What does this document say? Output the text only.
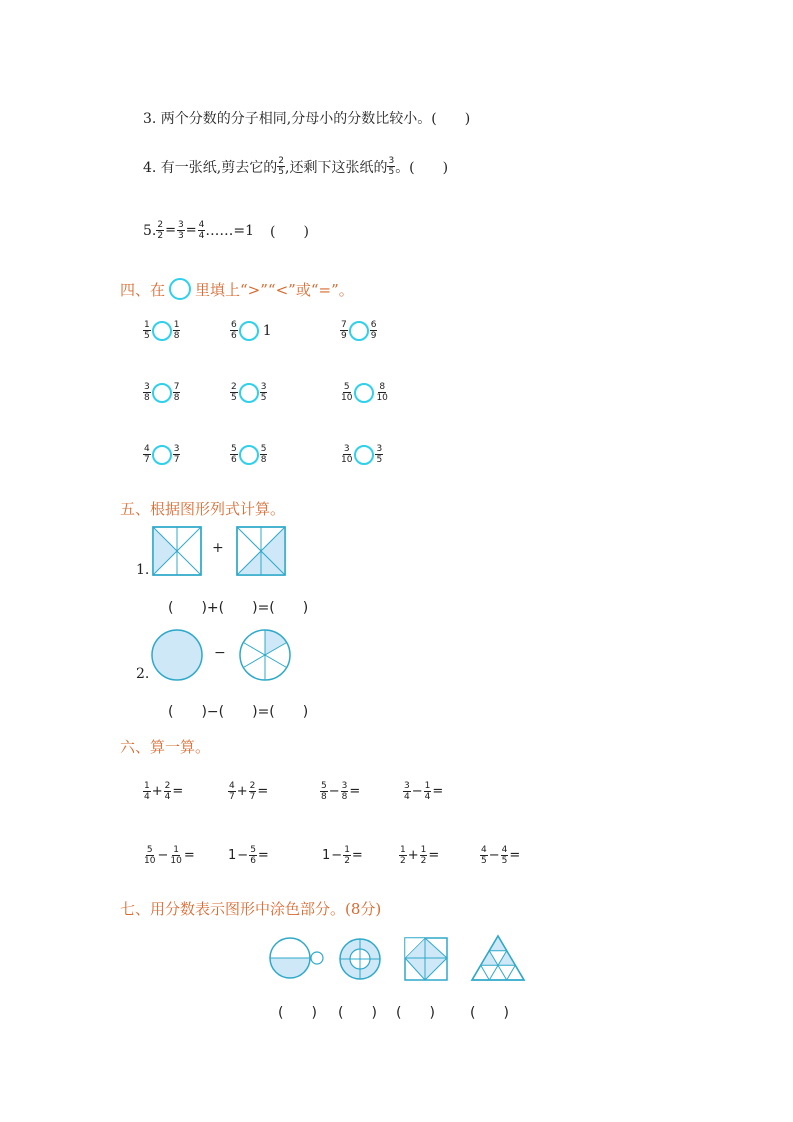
3. 两个分数的分子相同,分母小的分数比较小。(　　)
4. 有一张纸,剪去它的 $\frac{2}{5}$ ,还剩下这张纸的 $\frac{3}{5}$ 。(　　)
5. $\frac{2}{2} = \frac{3}{3} = \frac{4}{4}$ ……=1 (　　)
四、在 里填上“>”“<”或“=”。
$\frac{1}{5} \frac{1}{8}$	$\frac{6}{6} 1$	$\frac{7}{9} \frac{6}{9}$
$\frac{3}{8} \frac{7}{8}$	$\frac{2}{5} \frac{3}{5}$	$\frac{5}{10} \frac{8}{10}$
$\frac{4}{7} \frac{3}{7}$	$\frac{5}{6} \frac{5}{8}$	$\frac{3}{10} \frac{3}{5}$
五、根据图形列式计算。
1.
+
(　　)+(　　)=(　　)
2.
−
(　　)−(　　)=(　　)
六、算一算。
$\frac{1}{4} + \frac{2}{4}$ =	$\frac{4}{7} + \frac{2}{7}$ =	$\frac{5}{8} - \frac{3}{8}$ =	$\frac{3}{4} - \frac{1}{4}$ =
$\frac{5}{10} - \frac{1}{10}$ =	$1 - \frac{5}{6}$ =	$1 - \frac{1}{2}$ =	$\frac{1}{2} + \frac{1}{2}$ =	$\frac{4}{5} - \frac{4}{5}$ =
七、用分数表示图形中涂色部分。(8分)
(　　) (　　) (　　)	(　　)
